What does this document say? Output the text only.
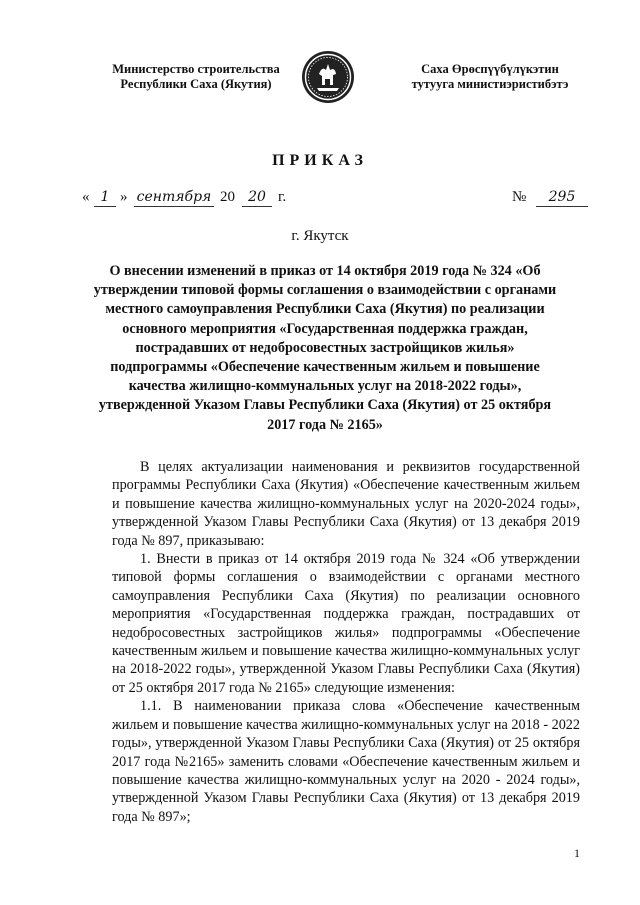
Министерство строительства
Республики Саха (Якутия)
Саха Өрөспүүбүлүкэтин
тутууга министиэристибэтэ
ПРИКАЗ
« 1 » сентября 20 20 г.	№	295
г. Якутск
О внесении изменений в приказ от 14 октября 2019 года № 324 «Об утверждении типовой формы соглашения о взаимодействии с органами местного самоуправления Республики Саха (Якутия) по реализации основного мероприятия «Государственная поддержка граждан, пострадавших от недобросовестных застройщиков жилья» подпрограммы «Обеспечение качественным жильем и повышение качества жилищно-коммунальных услуг на 2018-2022 годы», утвержденной Указом Главы Республики Саха (Якутия) от 25 октября 2017 года № 2165»

В целях актуализации наименования и реквизитов государственной программы Республики Саха (Якутия) «Обеспечение качественным жильем и повышение качества жилищно-коммунальных услуг на 2020-2024 годы», утвержденной Указом Главы Республики Саха (Якутия) от 13 декабря 2019 года № 897, приказываю:

1. Внести в приказ от 14 октября 2019 года № 324 «Об утверждении типовой формы соглашения о взаимодействии с органами местного самоуправления Республики Саха (Якутия) по реализации основного мероприятия «Государственная поддержка граждан, пострадавших от недобросовестных застройщиков жилья» подпрограммы «Обеспечение качественным жильем и повышение качества жилищно-коммунальных услуг на 2018-2022 годы», утвержденной Указом Главы Республики Саха (Якутия) от 25 октября 2017 года № 2165» следующие изменения:

1.1. В наименовании приказа слова «Обеспечение качественным жильем и повышение качества жилищно-коммунальных услуг на 2018 - 2022 годы», утвержденной Указом Главы Республики Саха (Якутия) от 25 октября 2017 года №2165» заменить словами «Обеспечение качественным жильем и повышение качества жилищно-коммунальных услуг на 2020 - 2024 годы», утвержденной Указом Главы Республики Саха (Якутия) от 13 декабря 2019 года № 897»;

1
